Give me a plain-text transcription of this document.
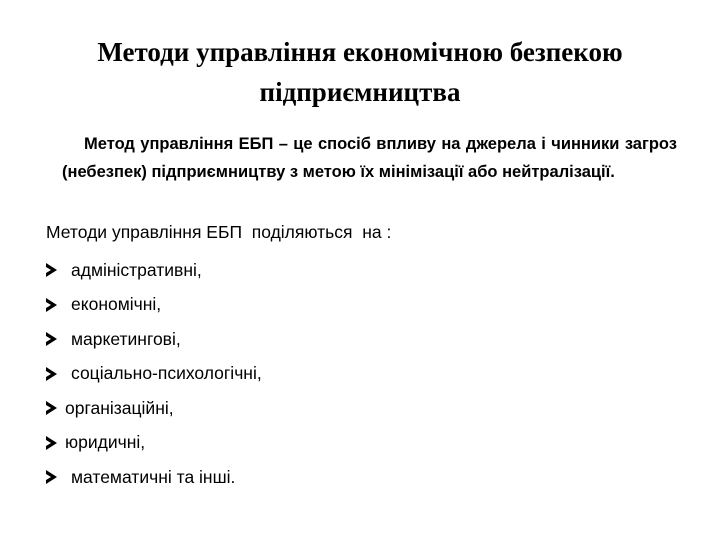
Методи управління економічною безпекою підприємництва

Метод управління ЕБП – це спосіб впливу на джерела і чинники загроз (небезпек) підприємництву з метою їх мінімізації або нейтралізації.

Методи управління ЕБП  поділяються  на :

адміністративні,
економічні,
маркетингові,
соціально-психологічні,
організаційні,
юридичні,
математичні та інші.
